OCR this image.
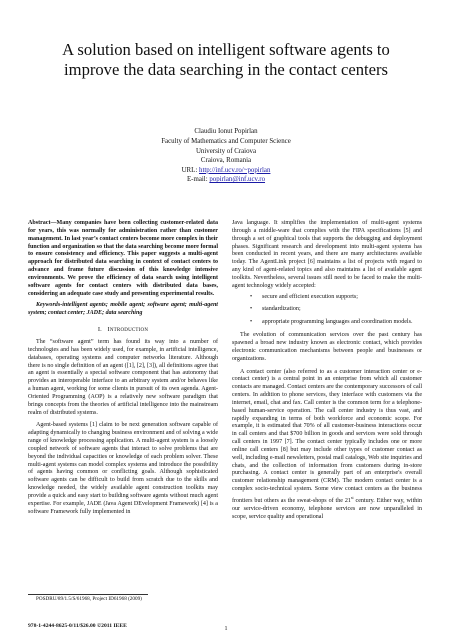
A solution based on intelligent software agents to improve the data searching in the contact centers
Claudiu Ionut Popirlan
Faculty of Mathematics and Computer Science
University of Craiova
Craiova, Romania
URL: http://inf.ucv.ro/~popirlan
E-mail: popirlan@inf.ucv.ro

Abstract—Many companies have been collecting customer-related data for years, this was normally for administration rather than customer management. In last year’s contact centers become more complex in their function and organization so that the data searching become more formal to ensure consistency and efficiency. This paper suggests a multi-agent approach for distributed data searching in context of contact centers to advance and frame future discussion of this knowledge intensive environments. We prove the efficiency of data search using intelligent software agents for contact centers with distributed data bases, considering an adequate case study and presenting experimental results.

Keywords-intelligent agents; mobile agent; software agent; multi-agent system; contact center; JADE; data searching

I. Introduction

The “software agent” term has found its way into a number of technologies and has been widely used, for example, in artificial intelligence, databases, operating systems and computer networks literature. Although there is no single definition of an agent ([1], [2], [3]), all definitions agree that an agent is essentially a special software component that has autonomy that provides an interoperable interface to an arbitrary system and/or behaves like a human agent, working for some clients in pursuit of its own agenda. Agent-Oriented Programming (AOP) is a relatively new software paradigm that brings concepts from the theories of artificial intelligence into the mainstream realm of distributed systems.

Agent-based systems [1] claim to be next generation software capable of adapting dynamically to changing business environment and of solving a wide range of knowledge processing application. A multi-agent system is a loosely coupled network of software agents that interact to solve problems that are beyond the individual capacities or knowledge of each problem solver. These multi-agent systems can model complex systems and introduce the possibility of agents having common or conflicting goals. Although sophisticated software agents can be difficult to build from scratch due to the skills and knowledge needed, the widely available agent construction toolkits may provide a quick and easy start to building software agents without much agent expertise. For example, JADE (Java Agent DEvelopment Framework) [4] is a software Framework fully implemented in

Java language. It simplifies the implementation of multi-agent systems through a middle-ware that complies with the FIPA specifications [5] and through a set of graphical tools that supports the debugging and deployment phases. Significant research and development into multi-agent systems has been conducted in recent years, and there are many architectures available today. The AgentLink project [6] maintains a list of projects with regard to any kind of agent-related topics and also maintains a list of available agent toolkits. Nevertheless, several issues still need to be faced to make the multi-agent technology widely accepted:

• secure and efficient execution supports;
• standardization;
• appropriate programming languages and coordination models.

The evolution of communication services over the past century has spawned a broad new industry known as electronic contact, which provides electronic communication mechanisms between people and businesses or organizations.

A contact center (also referred to as a customer interaction center or e-contact center) is a central point in an enterprise from which all customer contacts are managed. Contact centers are the contemporary successors of call centers. In addition to phone services, they interface with customers via the internet, email, chat and fax. Call center is the common term for a telephone-based human-service operation. The call center industry is thus vast, and rapidly expanding in terms of both workforce and economic scope. For example, it is estimated that 70% of all customer-business interactions occur in call centers and that $700 billion in goods and services were sold through call centers in 1997 [7]. The contact center typically includes one or more online call centers [8] but may include other types of customer contact as well, including e-mail newsletters, postal mail catalogs, Web site inquiries and chats, and the collection of information from customers during in-store purchasing. A contact center is generally part of an enterprise's overall customer relationship management (CRM). The modern contact center is a complex socio-technical system. Some view contact centers as the business frontiers but others as the sweat-shops of the 21st century. Either way, within our service-driven economy, telephone services are now unparalleled in scope, service quality and operational

POSDRU/89/1.5/S/61968, Project ID61968 (2009)
978-1-4244-8625-0/11/$26.00 ©2011 IEEE	1
